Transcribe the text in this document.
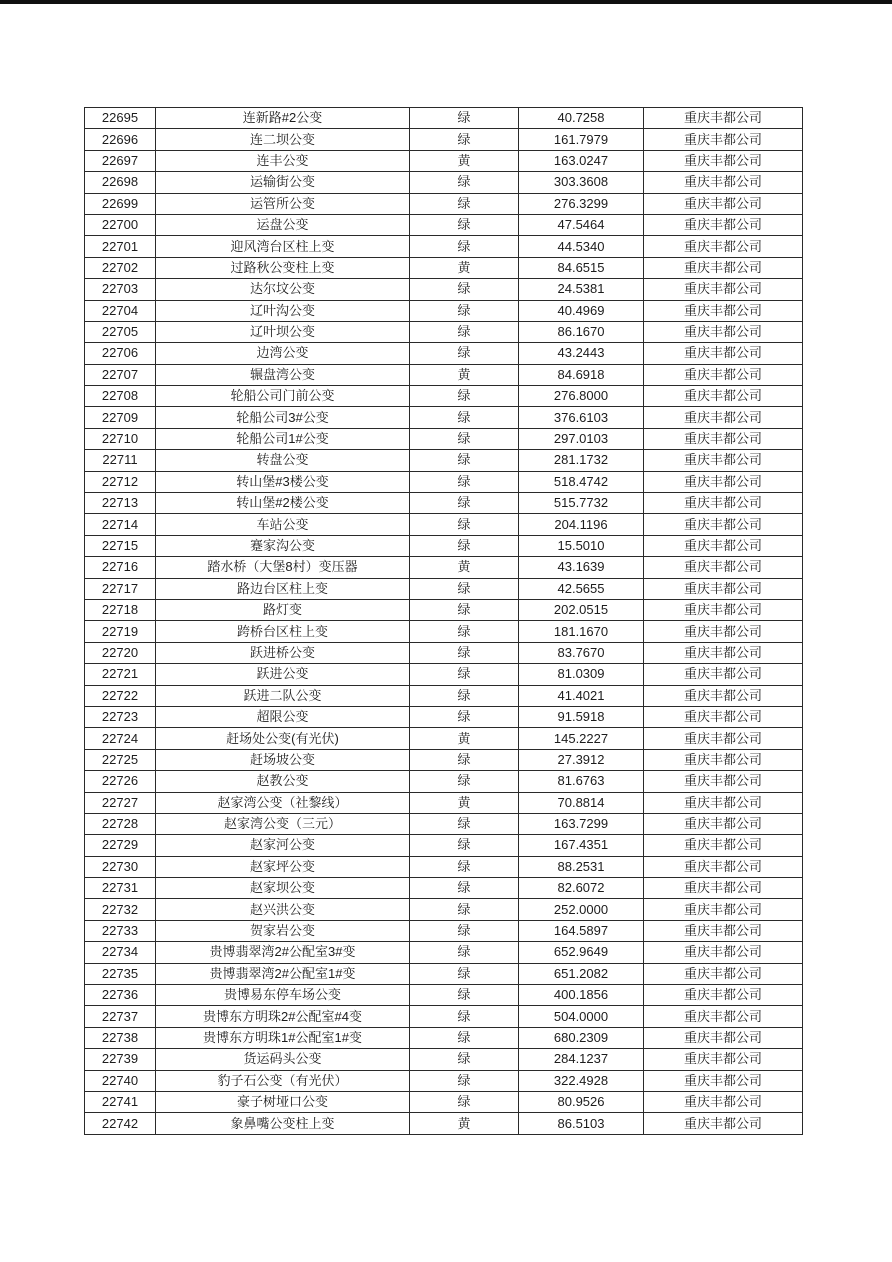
22695	连新路#2公变	绿	40.7258	重庆丰都公司
22696	连二坝公变	绿	161.7979	重庆丰都公司
22697	连丰公变	黄	163.0247	重庆丰都公司
22698	运输街公变	绿	303.3608	重庆丰都公司
22699	运管所公变	绿	276.3299	重庆丰都公司
22700	运盘公变	绿	47.5464	重庆丰都公司
22701	迎风湾台区柱上变	绿	44.5340	重庆丰都公司
22702	过路秋公变柱上变	黄	84.6515	重庆丰都公司
22703	达尔坟公变	绿	24.5381	重庆丰都公司
22704	辽叶沟公变	绿	40.4969	重庆丰都公司
22705	辽叶坝公变	绿	86.1670	重庆丰都公司
22706	边湾公变	绿	43.2443	重庆丰都公司
22707	辗盘湾公变	黄	84.6918	重庆丰都公司
22708	轮船公司门前公变	绿	276.8000	重庆丰都公司
22709	轮船公司3#公变	绿	376.6103	重庆丰都公司
22710	轮船公司1#公变	绿	297.0103	重庆丰都公司
22711	转盘公变	绿	281.1732	重庆丰都公司
22712	转山堡#3楼公变	绿	518.4742	重庆丰都公司
22713	转山堡#2楼公变	绿	515.7732	重庆丰都公司
22714	车站公变	绿	204.1196	重庆丰都公司
22715	蹇家沟公变	绿	15.5010	重庆丰都公司
22716	踏水桥（大堡8村）变压器	黄	43.1639	重庆丰都公司
22717	路边台区柱上变	绿	42.5655	重庆丰都公司
22718	路灯变	绿	202.0515	重庆丰都公司
22719	跨桥台区柱上变	绿	181.1670	重庆丰都公司
22720	跃进桥公变	绿	83.7670	重庆丰都公司
22721	跃进公变	绿	81.0309	重庆丰都公司
22722	跃进二队公变	绿	41.4021	重庆丰都公司
22723	超限公变	绿	91.5918	重庆丰都公司
22724	赶场处公变(有光伏)	黄	145.2227	重庆丰都公司
22725	赶场坡公变	绿	27.3912	重庆丰都公司
22726	赵教公变	绿	81.6763	重庆丰都公司
22727	赵家湾公变（社黎线）	黄	70.8814	重庆丰都公司
22728	赵家湾公变（三元）	绿	163.7299	重庆丰都公司
22729	赵家河公变	绿	167.4351	重庆丰都公司
22730	赵家坪公变	绿	88.2531	重庆丰都公司
22731	赵家坝公变	绿	82.6072	重庆丰都公司
22732	赵兴洪公变	绿	252.0000	重庆丰都公司
22733	贺家岩公变	绿	164.5897	重庆丰都公司
22734	贵博翡翠湾2#公配室3#变	绿	652.9649	重庆丰都公司
22735	贵博翡翠湾2#公配室1#变	绿	651.2082	重庆丰都公司
22736	贵博易东停车场公变	绿	400.1856	重庆丰都公司
22737	贵博东方明珠2#公配室#4变	绿	504.0000	重庆丰都公司
22738	贵博东方明珠1#公配室1#变	绿	680.2309	重庆丰都公司
22739	货运码头公变	绿	284.1237	重庆丰都公司
22740	豹子石公变（有光伏）	绿	322.4928	重庆丰都公司
22741	豪子树垭口公变	绿	80.9526	重庆丰都公司
22742	象鼻嘴公变柱上变	黄	86.5103	重庆丰都公司
